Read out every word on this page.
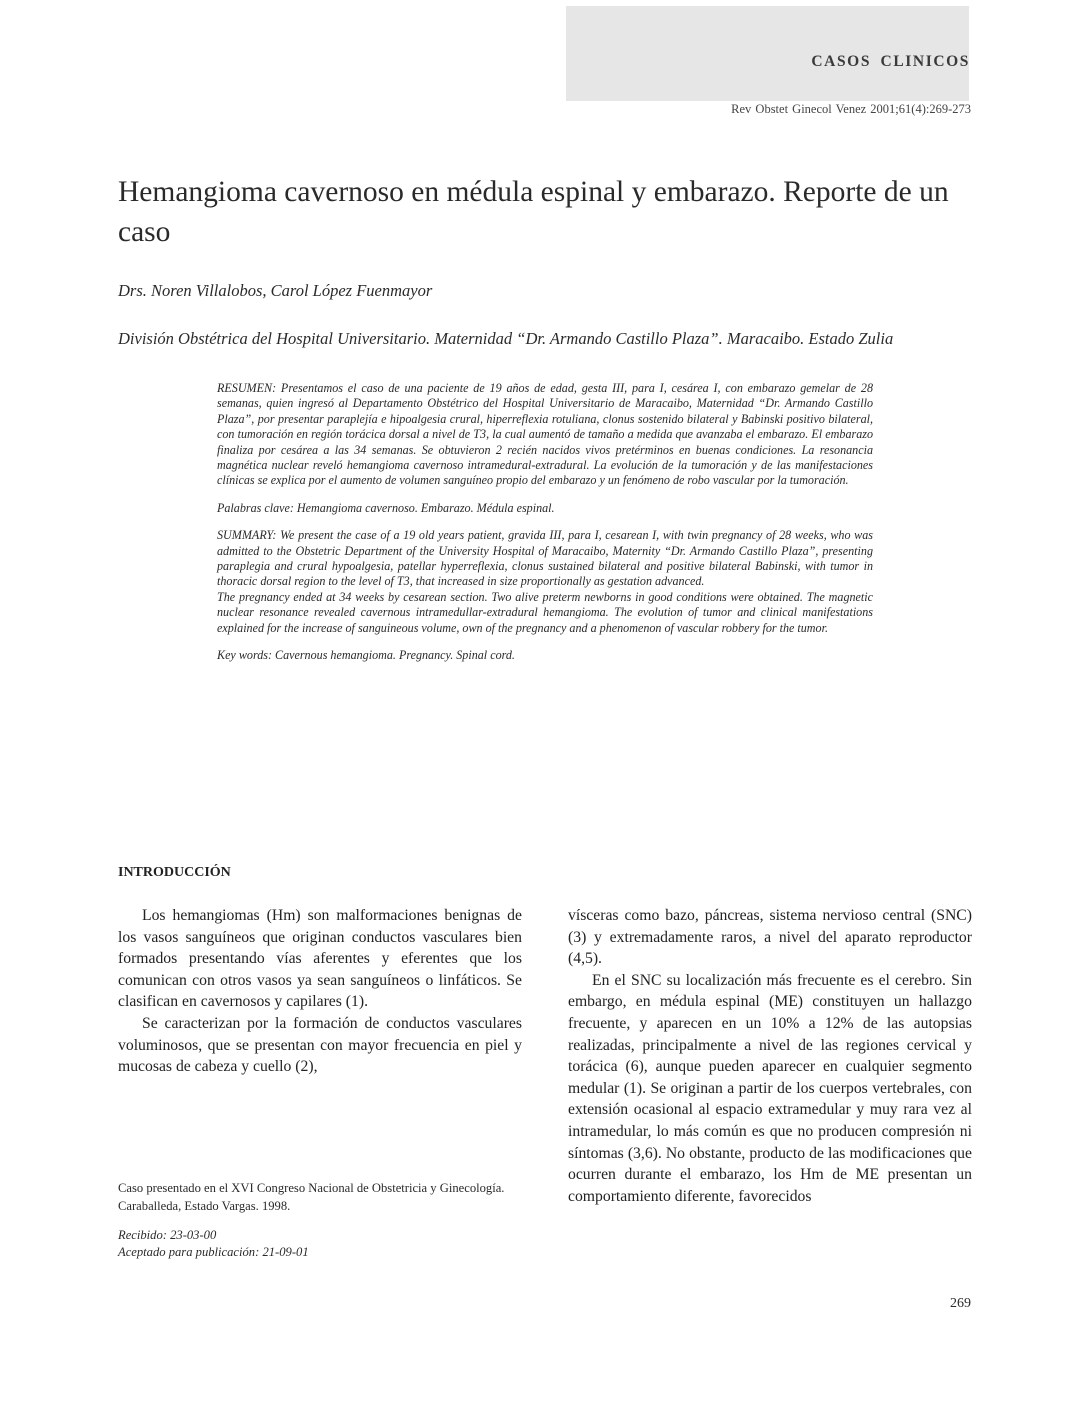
CASOS CLINICOS
Rev Obstet Ginecol Venez 2001;61(4):269-273
Hemangioma cavernoso en médula espinal y embarazo. Reporte de un caso
Drs. Noren Villalobos, Carol López Fuenmayor
División Obstétrica del Hospital Universitario. Maternidad “Dr. Armando Castillo Plaza”. Maracaibo. Estado Zulia

RESUMEN: Presentamos el caso de una paciente de 19 años de edad, gesta III, para I, cesárea I, con embarazo gemelar de 28 semanas, quien ingresó al Departamento Obstétrico del Hospital Universitario de Maracaibo, Maternidad “Dr. Armando Castillo Plaza”, por presentar paraplejía e hipoalgesia crural, hiperreflexia rotuliana, clonus sostenido bilateral y Babinski positivo bilateral, con tumoración en región torácica dorsal a nivel de T3, la cual aumentó de tamaño a medida que avanzaba el embarazo. El embarazo finaliza por cesárea a las 34 semanas. Se obtuvieron 2 recién nacidos vivos pretérminos en buenas condiciones. La resonancia magnética nuclear reveló hemangioma cavernoso intramedural-extradural. La evolución de la tumoración y de las manifestaciones clínicas se explica por el aumento de volumen sanguíneo propio del embarazo y un fenómeno de robo vascular por la tumoración.

Palabras clave: Hemangioma cavernoso. Embarazo. Médula espinal.

SUMMARY: We present the case of a 19 old years patient, gravida III, para I, cesarean I, with twin pregnancy of 28 weeks, who was admitted to the Obstetric Department of the University Hospital of Maracaibo, Maternity “Dr. Armando Castillo Plaza”, presenting paraplegia and crural hypoalgesia, patellar hyperreflexia, clonus sustained bilateral and positive bilateral Babinski, with tumor in thoracic dorsal region to the level of T3, that increased in size proportionally as gestation advanced.

The pregnancy ended at 34 weeks by cesarean section. Two alive preterm newborns in good conditions were obtained. The magnetic nuclear resonance revealed cavernous intramedullar-extradural hemangioma. The evolution of tumor and clinical manifestations explained for the increase of sanguineous volume, own of the pregnancy and a phenomenon of vascular robbery for the tumor.

Key words: Cavernous hemangioma. Pregnancy. Spinal cord.

INTRODUCCIÓN

Los hemangiomas (Hm) son malformaciones benignas de los vasos sanguíneos que originan conductos vasculares bien formados presentando vías aferentes y eferentes que los comunican con otros vasos ya sean sanguíneos o linfáticos. Se clasifican en cavernosos y capilares (1).

Se caracterizan por la formación de conductos vasculares voluminosos, que se presentan con mayor frecuencia en piel y mucosas de cabeza y cuello (2),

vísceras como bazo, páncreas, sistema nervioso central (SNC) (3) y extremadamente raros, a nivel del aparato reproductor (4,5).

En el SNC su localización más frecuente es el cerebro. Sin embargo, en médula espinal (ME) constituyen un hallazgo frecuente, y aparecen en un 10% a 12% de las autopsias realizadas, principalmente a nivel de las regiones cervical y torácica (6), aunque pueden aparecer en cualquier segmento medular (1). Se originan a partir de los cuerpos vertebrales, con extensión ocasional al espacio extramedular y muy rara vez al intramedular, lo más común es que no producen compresión ni síntomas (3,6). No obstante, producto de las modificaciones que ocurren durante el embarazo, los Hm de ME presentan un comportamiento diferente, favorecidos

Caso presentado en el XVI Congreso Nacional de Obstetricia y Ginecología. Caraballeda, Estado Vargas. 1998.

Recibido: 23-03-00
Aceptado para publicación: 21-09-01
269
